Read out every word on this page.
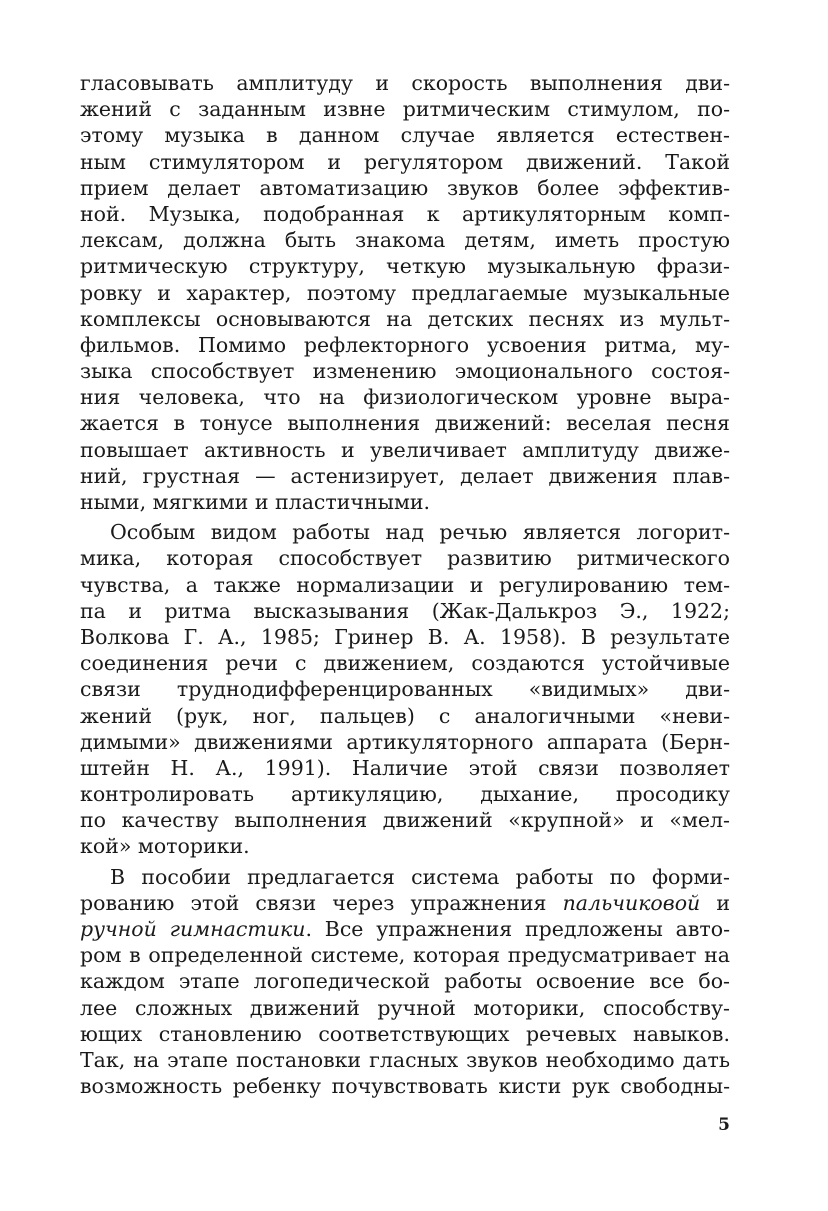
гласовывать амплитуду и скорость выполнения дви-
жений с заданным извне ритмическим стимулом, по-
этому музыка в данном случае является естествен-
ным стимулятором и регулятором движений. Такой
прием делает автоматизацию звуков более эффектив-
ной. Музыка, подобранная к артикуляторным комп-
лексам, должна быть знакома детям, иметь простую
ритмическую структуру, четкую музыкальную фрази-
ровку и характер, поэтому предлагаемые музыкальные
комплексы основываются на детских песнях из мульт-
фильмов. Помимо рефлекторного усвоения ритма, му-
зыка способствует изменению эмоционального состоя-
ния человека, что на физиологическом уровне выра-
жается в тонусе выполнения движений: веселая песня
повышает активность и увеличивает амплитуду движе-
ний, грустная — астенизирует, делает движения плав-
ными, мягкими и пластичными.
Особым видом работы над речью является логорит-
мика, которая способствует развитию ритмического
чувства, а также нормализации и регулированию тем-
па и ритма высказывания (Жак-Далькроз Э., 1922;
Волкова Г. А., 1985; Гринер В. А. 1958). В результате
соединения речи с движением, создаются устойчивые
связи труднодифференцированных «видимых» дви-
жений (рук, ног, пальцев) с аналогичными «неви-
димыми» движениями артикуляторного аппарата (Берн-
штейн Н. А., 1991). Наличие этой связи позволяет
контролировать артикуляцию, дыхание, просодику
по качеству выполнения движений «крупной» и «мел-
кой» моторики.
В пособии предлагается система работы по форми-
рованию этой связи через упражнения пальчиковой и
ручной гимнастики. Все упражнения предложены авто-
ром в определенной системе, которая предусматривает на
каждом этапе логопедической работы освоение все бо-
лее сложных движений ручной моторики, способству-
ющих становлению соответствующих речевых навыков.
Так, на этапе постановки гласных звуков необходимо дать
возможность ребенку почувствовать кисти рук свободны-
5
